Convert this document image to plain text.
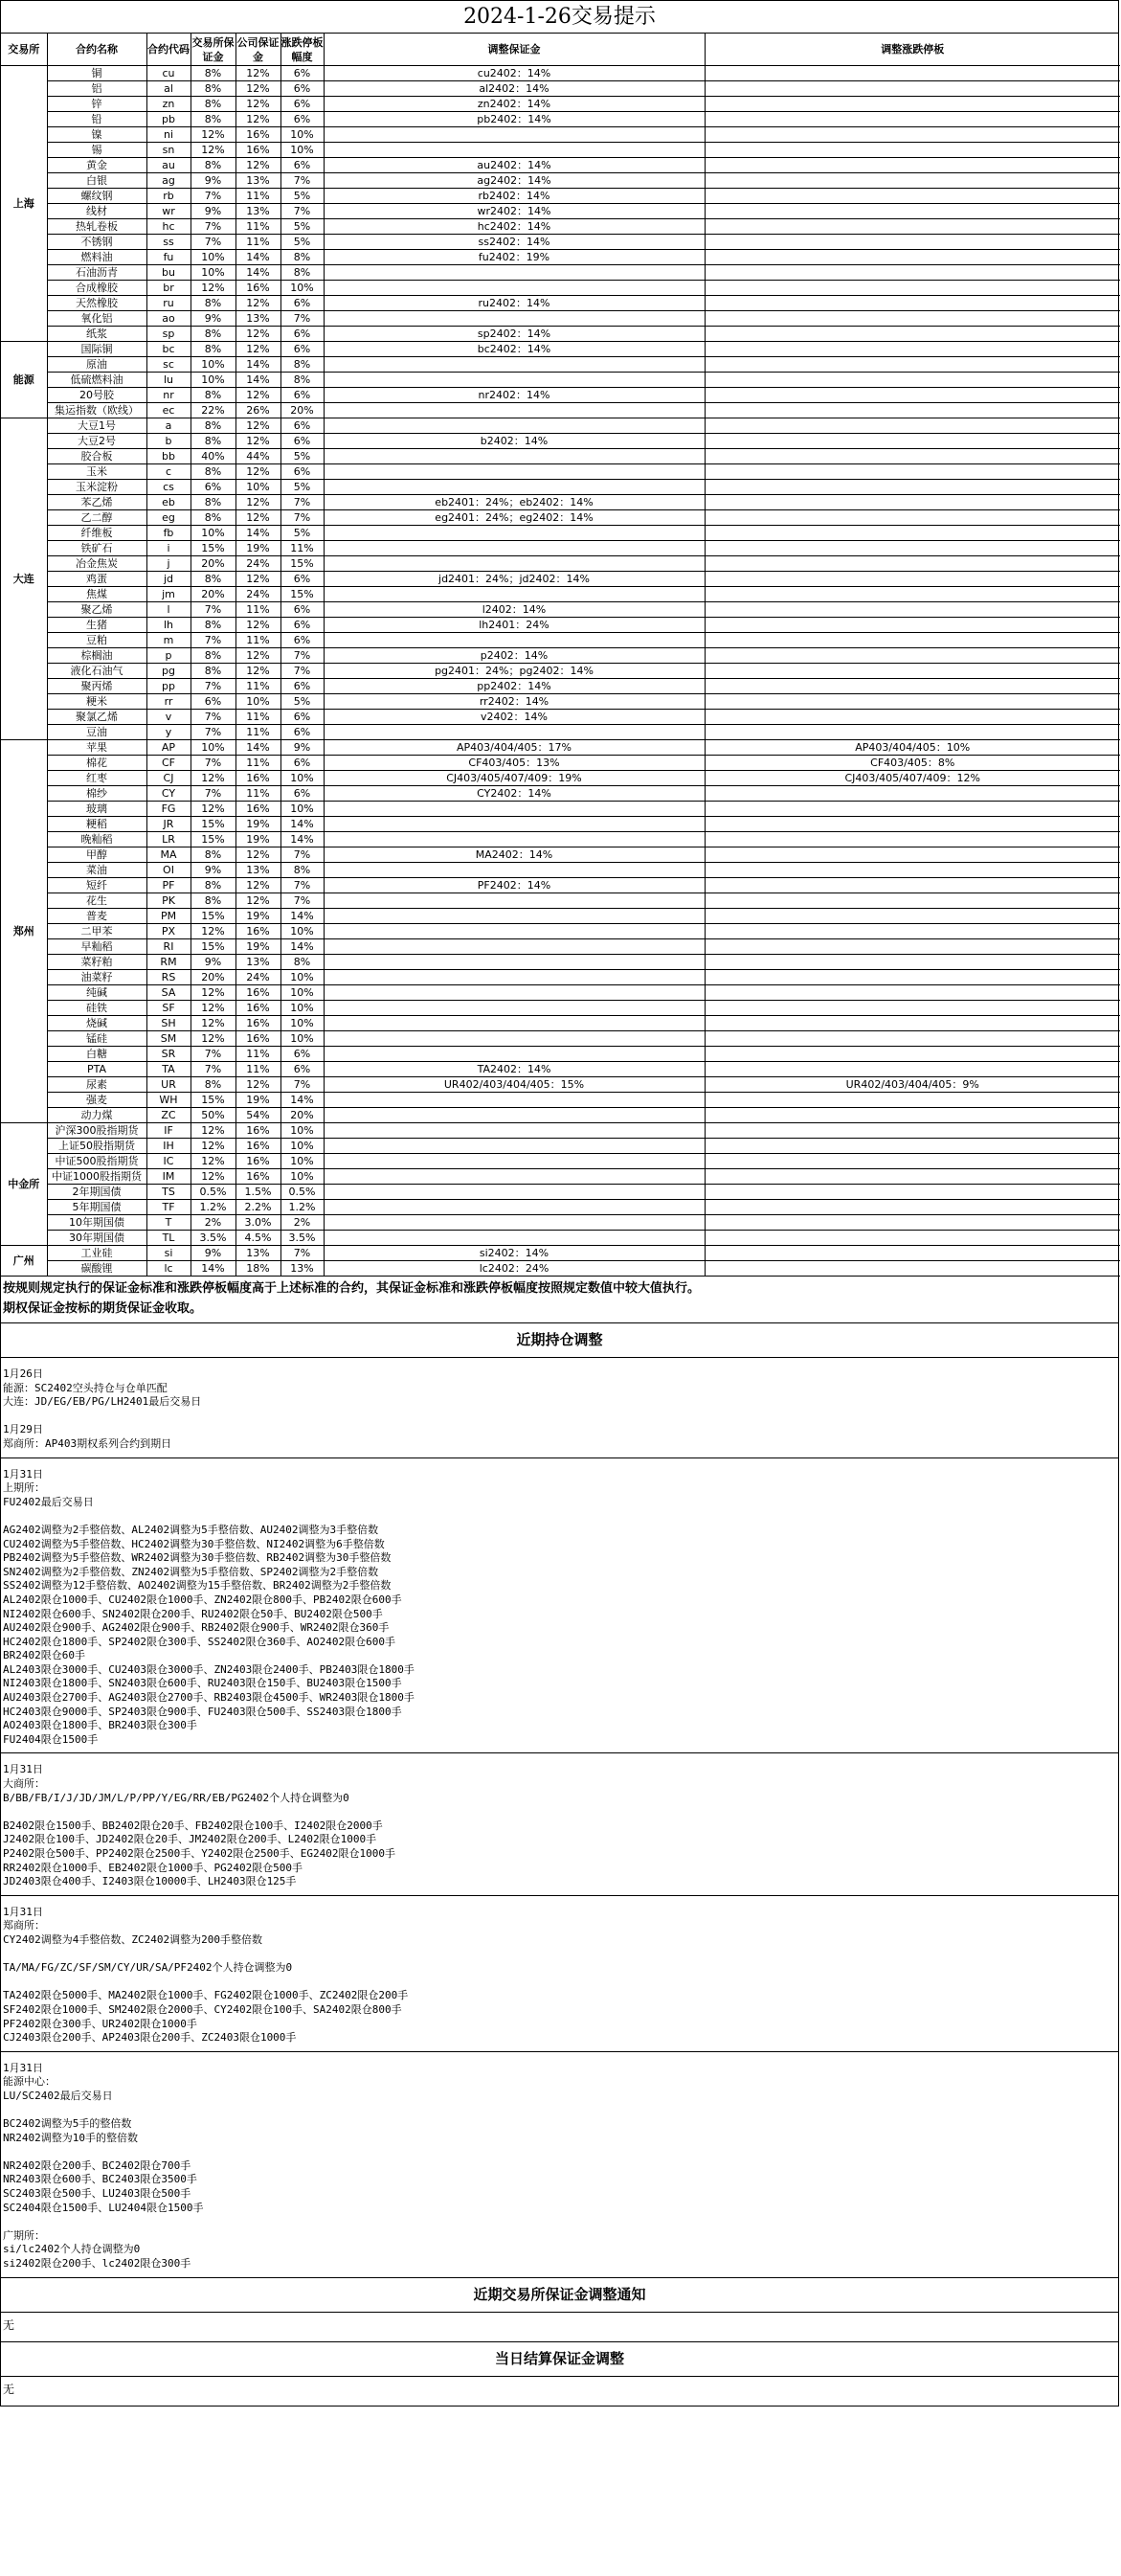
2024-1-26交易提示
交易所	合约名称	合约代码	交易所保证金	公司保证金	涨跌停板幅度	调整保证金	调整涨跌停板
上海	铜	cu	8%	12%	6%	cu2402：14%	
	铝	al	8%	12%	6%	al2402：14%	
	锌	zn	8%	12%	6%	zn2402：14%	
	铅	pb	8%	12%	6%	pb2402：14%	
	镍	ni	12%	16%	10%		
	锡	sn	12%	16%	10%		
	黄金	au	8%	12%	6%	au2402：14%	
	白银	ag	9%	13%	7%	ag2402：14%	
	螺纹钢	rb	7%	11%	5%	rb2402：14%	
	线材	wr	9%	13%	7%	wr2402：14%	
	热轧卷板	hc	7%	11%	5%	hc2402：14%	
	不锈钢	ss	7%	11%	5%	ss2402：14%	
	燃料油	fu	10%	14%	8%	fu2402：19%	
	石油沥青	bu	10%	14%	8%		
	合成橡胶	br	12%	16%	10%		
	天然橡胶	ru	8%	12%	6%	ru2402：14%	
	氧化铝	ao	9%	13%	7%		
	纸浆	sp	8%	12%	6%	sp2402：14%	
能源	国际铜	bc	8%	12%	6%	bc2402：14%	
	原油	sc	10%	14%	8%		
	低硫燃料油	lu	10%	14%	8%		
	20号胶	nr	8%	12%	6%	nr2402：14%	
	集运指数（欧线）	ec	22%	26%	20%		
大连	大豆1号	a	8%	12%	6%		
	大豆2号	b	8%	12%	6%	b2402：14%	
	胶合板	bb	40%	44%	5%		
	玉米	c	8%	12%	6%		
	玉米淀粉	cs	6%	10%	5%		
	苯乙烯	eb	8%	12%	7%	eb2401：24%；eb2402：14%	
	乙二醇	eg	8%	12%	7%	eg2401：24%；eg2402：14%	
	纤维板	fb	10%	14%	5%		
	铁矿石	i	15%	19%	11%		
	冶金焦炭	j	20%	24%	15%		
	鸡蛋	jd	8%	12%	6%	jd2401：24%；jd2402：14%	
	焦煤	jm	20%	24%	15%		
	聚乙烯	l	7%	11%	6%	l2402：14%	
	生猪	lh	8%	12%	6%	lh2401：24%	
	豆粕	m	7%	11%	6%		
	棕榈油	p	8%	12%	7%	p2402：14%	
	液化石油气	pg	8%	12%	7%	pg2401：24%；pg2402：14%	
	聚丙烯	pp	7%	11%	6%	pp2402：14%	
	粳米	rr	6%	10%	5%	rr2402：14%	
	聚氯乙烯	v	7%	11%	6%	v2402：14%	
	豆油	y	7%	11%	6%		
郑州	苹果	AP	10%	14%	9%	AP403/404/405：17%	AP403/404/405：10%
	棉花	CF	7%	11%	6%	CF403/405：13%	CF403/405：8%
	红枣	CJ	12%	16%	10%	CJ403/405/407/409：19%	CJ403/405/407/409：12%
	棉纱	CY	7%	11%	6%	CY2402：14%	
	玻璃	FG	12%	16%	10%		
	粳稻	JR	15%	19%	14%		
	晚籼稻	LR	15%	19%	14%		
	甲醇	MA	8%	12%	7%	MA2402：14%	
	菜油	OI	9%	13%	8%		
	短纤	PF	8%	12%	7%	PF2402：14%	
	花生	PK	8%	12%	7%		
	普麦	PM	15%	19%	14%		
	二甲苯	PX	12%	16%	10%		
	早籼稻	RI	15%	19%	14%		
	菜籽粕	RM	9%	13%	8%		
	油菜籽	RS	20%	24%	10%		
	纯碱	SA	12%	16%	10%		
	硅铁	SF	12%	16%	10%		
	烧碱	SH	12%	16%	10%		
	锰硅	SM	12%	16%	10%		
	白糖	SR	7%	11%	6%		
	PTA	TA	7%	11%	6%	TA2402：14%	
	尿素	UR	8%	12%	7%	UR402/403/404/405：15%	UR402/403/404/405：9%
	强麦	WH	15%	19%	14%		
	动力煤	ZC	50%	54%	20%		
中金所	沪深300股指期货	IF	12%	16%	10%		
	上证50股指期货	IH	12%	16%	10%		
	中证500股指期货	IC	12%	16%	10%		
	中证1000股指期货	IM	12%	16%	10%		
	2年期国债	TS	0.5%	1.5%	0.5%		
	5年期国债	TF	1.2%	2.2%	1.2%		
	10年期国债	T	2%	3.0%	2%		
	30年期国债	TL	3.5%	4.5%	3.5%		
广州	工业硅	si	9%	13%	7%	si2402：14%	
	碳酸锂	lc	14%	18%	13%	lc2402：24%	
按规则规定执行的保证金标准和涨跌停板幅度高于上述标准的合约，其保证金标准和涨跌停板幅度按照规定数值中较大值执行。
期权保证金按标的期货保证金收取。
近期持仓调整
1月26日
能源：SC2402空头持仓与仓单匹配
大连：JD/EG/EB/PG/LH2401最后交易日

1月29日
郑商所：AP403期权系列合约到期日
1月31日
上期所：
FU2402最后交易日

AG2402调整为2手整倍数、AL2402调整为5手整倍数、AU2402调整为3手整倍数
CU2402调整为5手整倍数、HC2402调整为30手整倍数、NI2402调整为6手整倍数
PB2402调整为5手整倍数、WR2402调整为30手整倍数、RB2402调整为30手整倍数
SN2402调整为2手整倍数、ZN2402调整为5手整倍数、SP2402调整为2手整倍数
SS2402调整为12手整倍数、AO2402调整为15手整倍数、BR2402调整为2手整倍数
AL2402限仓1000手、CU2402限仓1000手、ZN2402限仓800手、PB2402限仓600手
NI2402限仓600手、SN2402限仓200手、RU2402限仓50手、BU2402限仓500手
AU2402限仓900手、AG2402限仓900手、RB2402限仓900手、WR2402限仓360手
HC2402限仓1800手、SP2402限仓300手、SS2402限仓360手、AO2402限仓600手
BR2402限仓60手
AL2403限仓3000手、CU2403限仓3000手、ZN2403限仓2400手、PB2403限仓1800手
NI2403限仓1800手、SN2403限仓600手、RU2403限仓150手、BU2403限仓1500手
AU2403限仓2700手、AG2403限仓2700手、RB2403限仓4500手、WR2403限仓1800手
HC2403限仓9000手、SP2403限仓900手、FU2403限仓500手、SS2403限仓1800手
AO2403限仓1800手、BR2403限仓300手
FU2404限仓1500手
1月31日
大商所：
B/BB/FB/I/J/JD/JM/L/P/PP/Y/EG/RR/EB/PG2402个人持仓调整为0

B2402限仓1500手、BB2402限仓20手、FB2402限仓100手、I2402限仓2000手
J2402限仓100手、JD2402限仓20手、JM2402限仓200手、L2402限仓1000手
P2402限仓500手、PP2402限仓2500手、Y2402限仓2500手、EG2402限仓1000手
RR2402限仓1000手、EB2402限仓1000手、PG2402限仓500手
JD2403限仓400手、I2403限仓10000手、LH2403限仓125手
1月31日
郑商所：
CY2402调整为4手整倍数、ZC2402调整为200手整倍数

TA/MA/FG/ZC/SF/SM/CY/UR/SA/PF2402个人持仓调整为0

TA2402限仓5000手、MA2402限仓1000手、FG2402限仓1000手、ZC2402限仓200手
SF2402限仓1000手、SM2402限仓2000手、CY2402限仓100手、SA2402限仓800手
PF2402限仓300手、UR2402限仓1000手
CJ2403限仓200手、AP2403限仓200手、ZC2403限仓1000手
1月31日
能源中心：
LU/SC2402最后交易日

BC2402调整为5手的整倍数
NR2402调整为10手的整倍数

NR2402限仓200手、BC2402限仓700手
NR2403限仓600手、BC2403限仓3500手
SC2403限仓500手、LU2403限仓500手
SC2404限仓1500手、LU2404限仓1500手

广期所：
si/lc2402个人持仓调整为0
si2402限仓200手、lc2402限仓300手
近期交易所保证金调整通知
无
当日结算保证金调整
无
